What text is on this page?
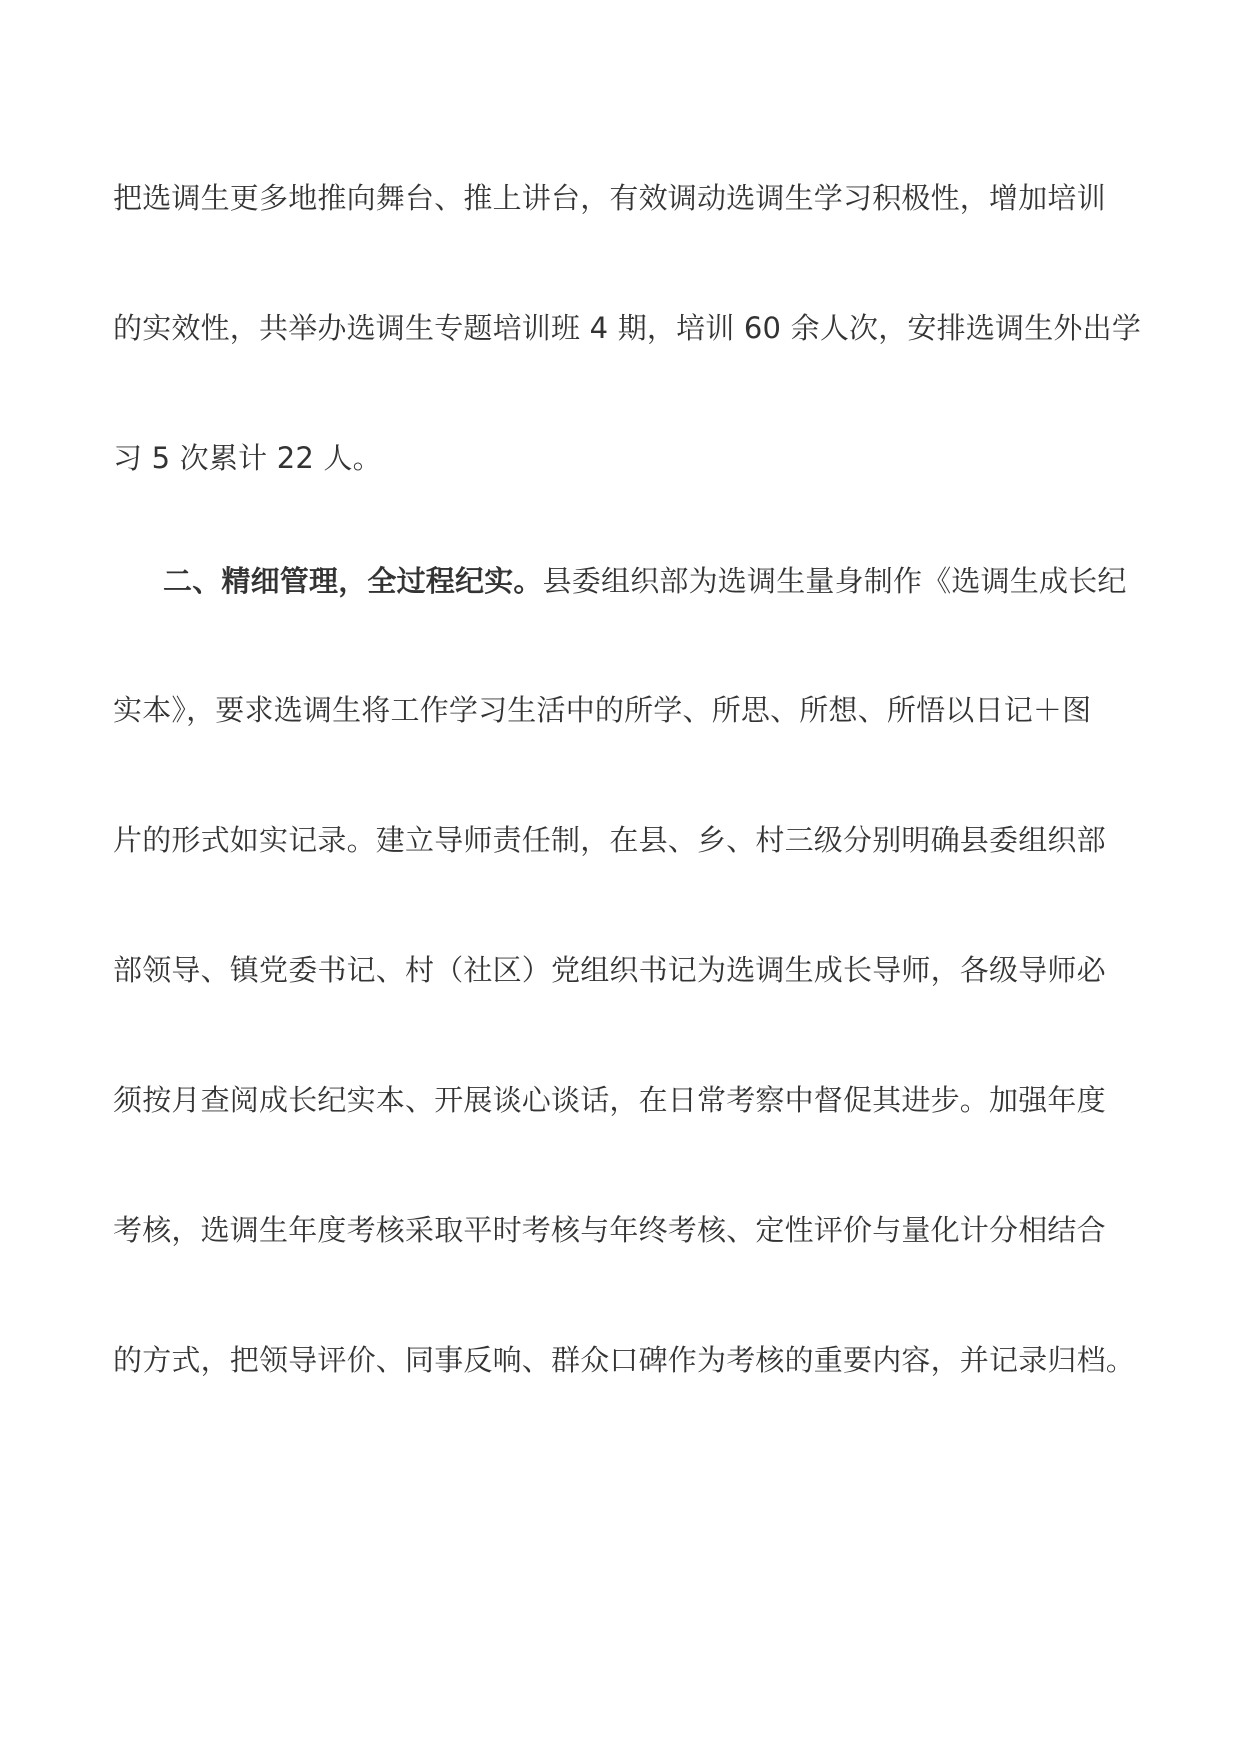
把选调生更多地推向舞台、推上讲台，有效调动选调生学习积极性，增加培训
的实效性，共举办选调生专题培训班 4 期，培训 60 余人次，安排选调生外出学
习 5 次累计 22 人。
二、精细管理，全过程纪实。县委组织部为选调生量身制作《选调生成长纪
实本》，要求选调生将工作学习生活中的所学、所思、所想、所悟以日记＋图
片的形式如实记录。建立导师责任制，在县、乡、村三级分别明确县委组织部
部领导、镇党委书记、村（社区）党组织书记为选调生成长导师，各级导师必
须按月查阅成长纪实本、开展谈心谈话，在日常考察中督促其进步。加强年度
考核，选调生年度考核采取平时考核与年终考核、定性评价与量化计分相结合
的方式，把领导评价、同事反响、群众口碑作为考核的重要内容，并记录归档。
